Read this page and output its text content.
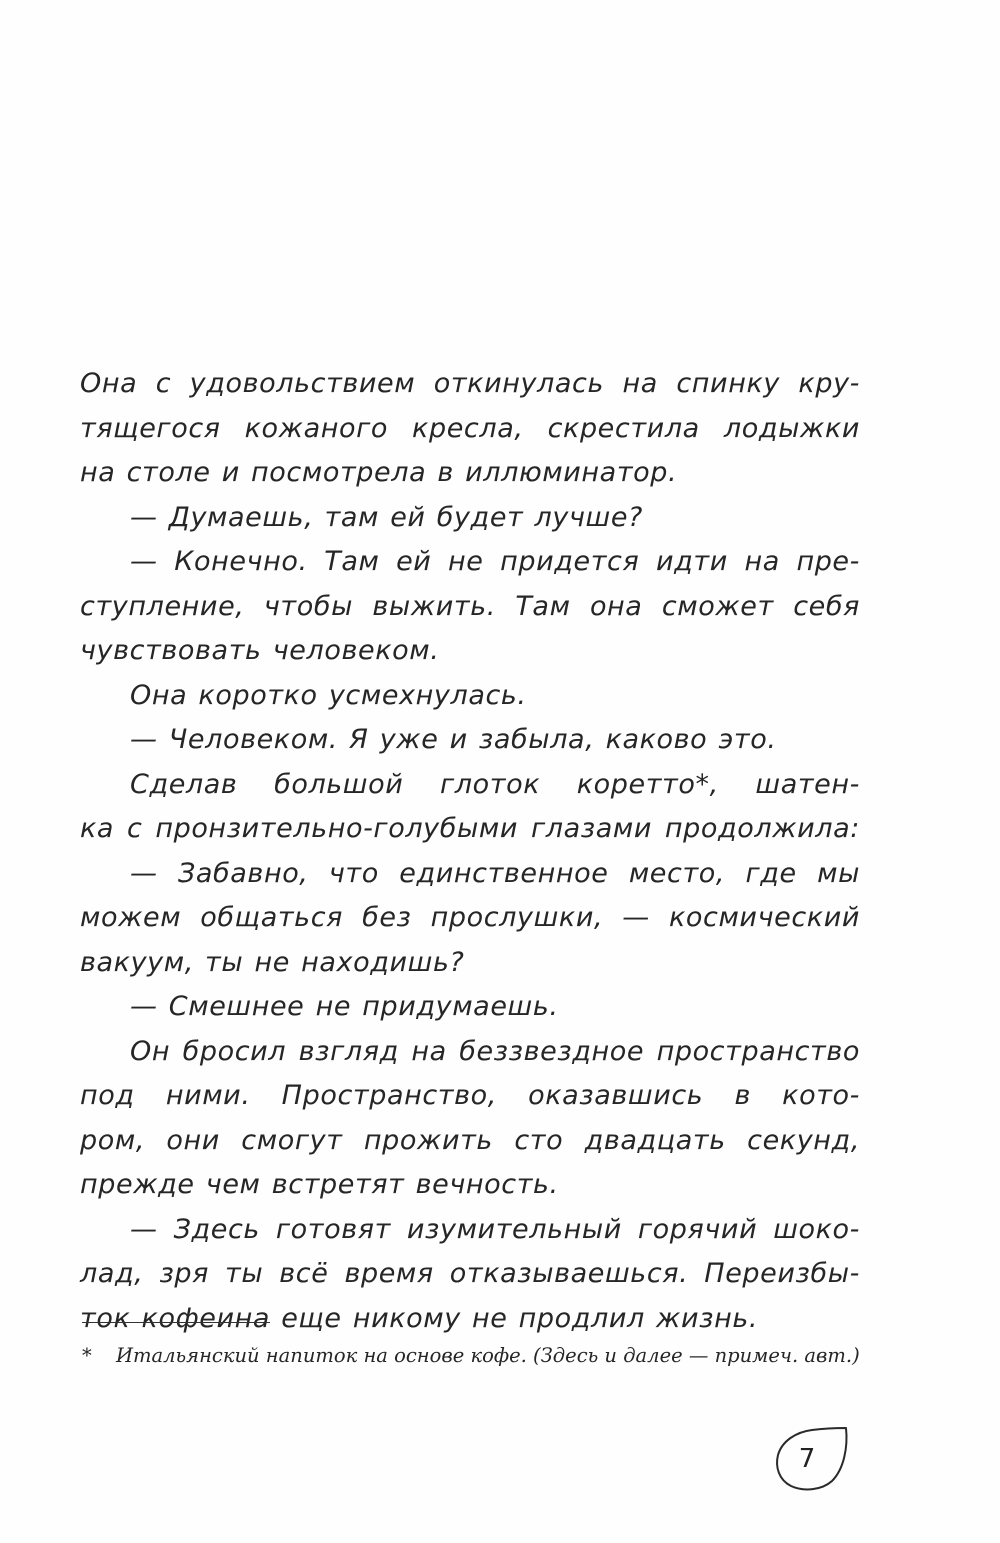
Она с удовольствием откинулась на спинку кру-
тящегося кожаного кресла, скрестила лодыжки
на столе и посмотрела в иллюминатор.
— Думаешь, там ей будет лучше?
— Конечно. Там ей не придется идти на пре-
ступление, чтобы выжить. Там она сможет себя
чувствовать человеком.
Она коротко усмехнулась.
— Человеком. Я уже и забыла, каково это.
Сделав большой глоток коретто*, шатен-
ка с пронзительно-голубыми глазами продолжила:
— Забавно, что единственное место, где мы
можем общаться без прослушки, — космический
вакуум, ты не находишь?
— Смешнее не придумаешь.
Он бросил взгляд на беззвездное пространство
под ними. Пространство, оказавшись в кото-
ром, они смогут прожить сто двадцать секунд,
прежде чем встретят вечность.
— Здесь готовят изумительный горячий шоко-
лад, зря ты всё время отказываешься. Переизбы-
ток кофеина еще никому не продлил жизнь.
* Итальянский напиток на основе кофе. (Здесь и далее — примеч. авт.)
7
